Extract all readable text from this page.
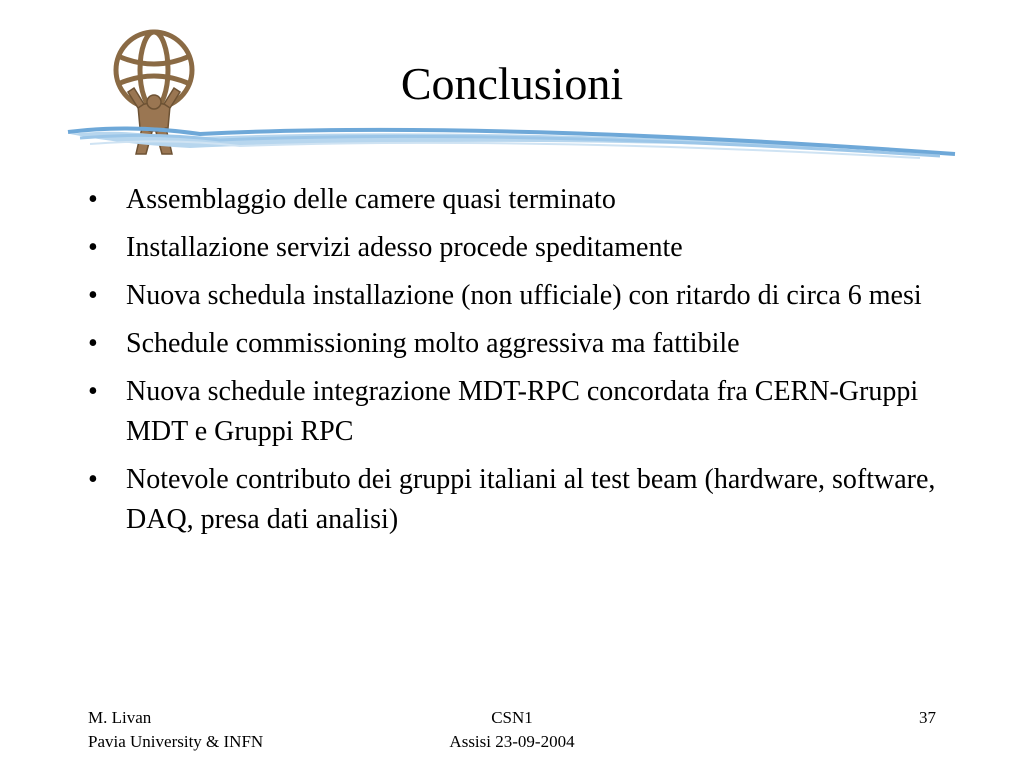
Conclusioni
•	Assemblaggio delle camere quasi terminato
•	Installazione servizi adesso procede speditamente
•	Nuova schedula installazione (non ufficiale) con ritardo di circa 6 mesi
•	Schedule commissioning molto aggressiva ma fattibile
•	Nuova schedule integrazione MDT-RPC concordata fra CERN-Gruppi MDT e Gruppi RPC
•	Notevole contributo dei gruppi italiani al test beam (hardware, software, DAQ, presa dati analisi)
M. Livan
Pavia University & INFN
CSN1
Assisi 23-09-2004
37
